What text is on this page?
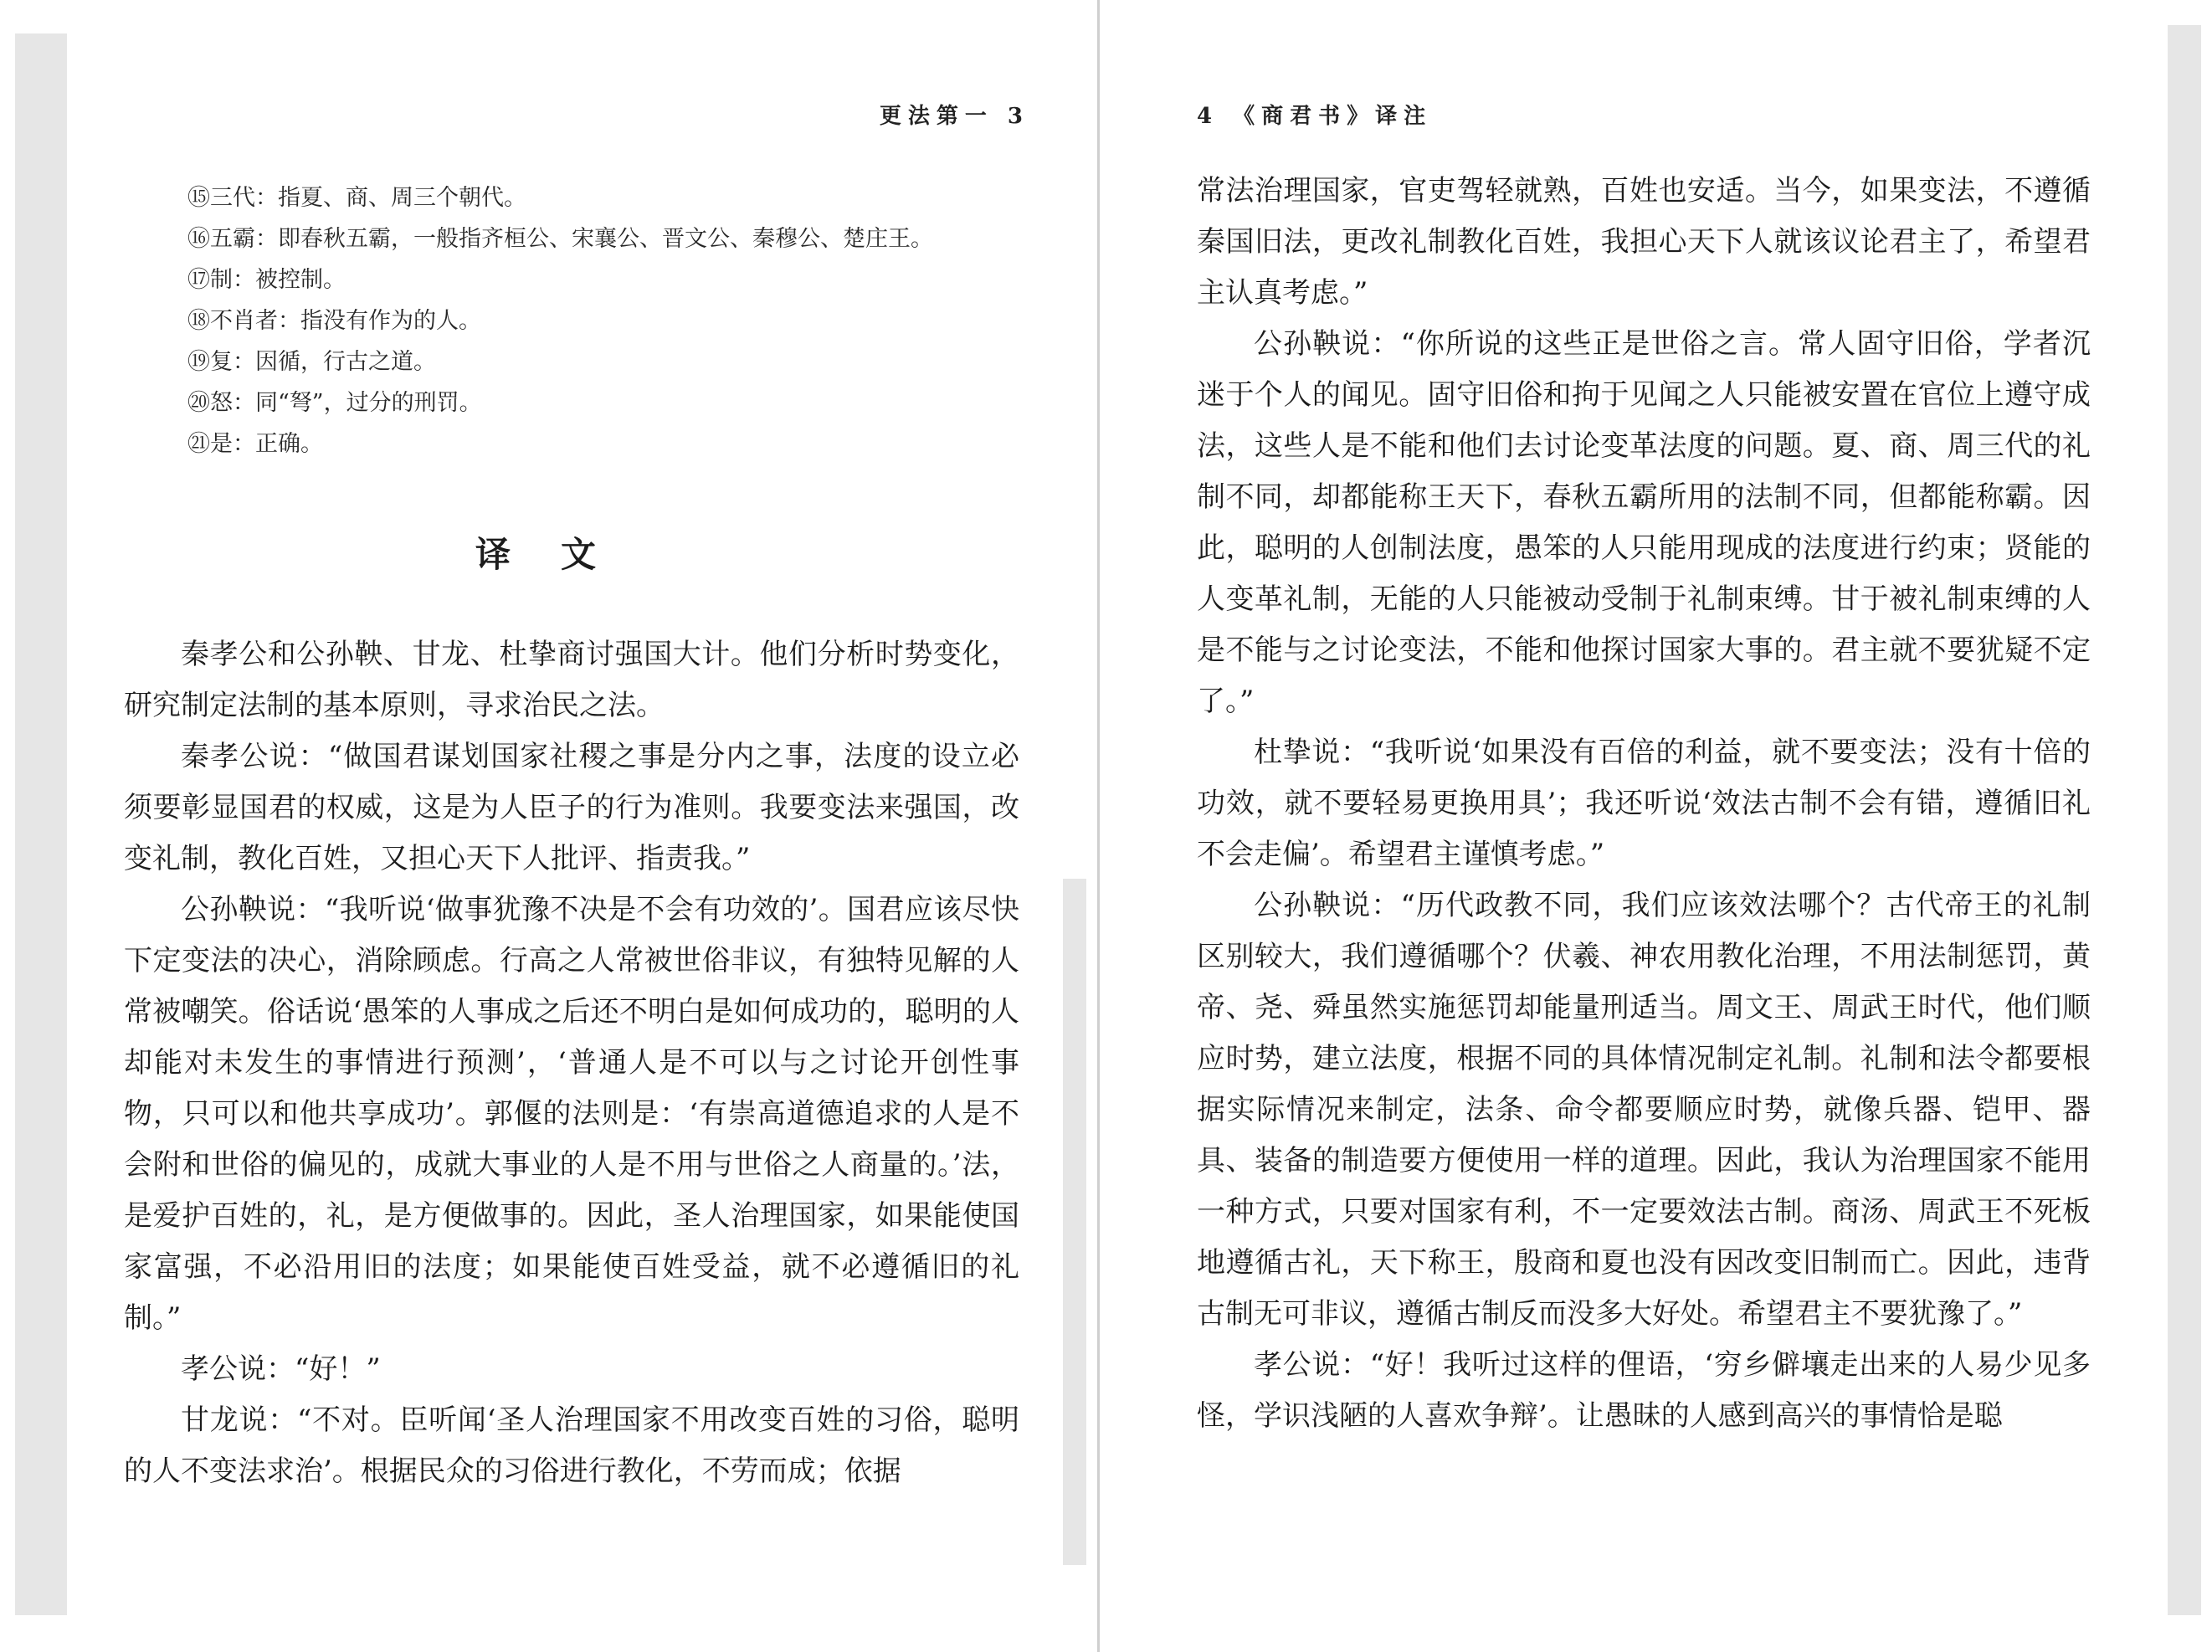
更法第一 3
⑮三代：指夏、商、周三个朝代。
⑯五霸：即春秋五霸，一般指齐桓公、宋襄公、晋文公、秦穆公、楚庄王。
⑰制：被控制。
⑱不肖者：指没有作为的人。
⑲复：因循，行古之道。
⑳怒：同“弩”，过分的刑罚。
㉑是：正确。
译文

秦孝公和公孙鞅、甘龙、杜挚商讨强国大计。他们分析时势变化，研究制定法制的基本原则，寻求治民之法。

秦孝公说：“做国君谋划国家社稷之事是分内之事，法度的设立必须要彰显国君的权威，这是为人臣子的行为准则。我要变法来强国，改变礼制，教化百姓，又担心天下人批评、指责我。”

公孙鞅说：“我听说‘做事犹豫不决是不会有功效的’。国君应该尽快下定变法的决心，消除顾虑。行高之人常被世俗非议，有独特见解的人常被嘲笑。俗话说‘愚笨的人事成之后还不明白是如何成功的，聪明的人却能对未发生的事情进行预测’，‘普通人是不可以与之讨论开创性事物，只可以和他共享成功’。郭偃的法则是：‘有崇高道德追求的人是不会附和世俗的偏见的，成就大事业的人是不用与世俗之人商量的。’法，是爱护百姓的，礼，是方便做事的。因此，圣人治理国家，如果能使国家富强，不必沿用旧的法度；如果能使百姓受益，就不必遵循旧的礼制。”

孝公说：“好！”

甘龙说：“不对。臣听闻‘圣人治理国家不用改变百姓的习俗，聪明的人不变法求治’。根据民众的习俗进行教化，不劳而成；依据

4 《商君书》译注

常法治理国家，官吏驾轻就熟，百姓也安适。当今，如果变法，不遵循秦国旧法，更改礼制教化百姓，我担心天下人就该议论君主了，希望君主认真考虑。”

公孙鞅说：“你所说的这些正是世俗之言。常人固守旧俗，学者沉迷于个人的闻见。固守旧俗和拘于见闻之人只能被安置在官位上遵守成法，这些人是不能和他们去讨论变革法度的问题。夏、商、周三代的礼制不同，却都能称王天下，春秋五霸所用的法制不同，但都能称霸。因此，聪明的人创制法度，愚笨的人只能用现成的法度进行约束；贤能的人变革礼制，无能的人只能被动受制于礼制束缚。甘于被礼制束缚的人是不能与之讨论变法，不能和他探讨国家大事的。君主就不要犹疑不定了。”

杜挚说：“我听说‘如果没有百倍的利益，就不要变法；没有十倍的功效，就不要轻易更换用具’；我还听说‘效法古制不会有错，遵循旧礼不会走偏’。希望君主谨慎考虑。”

公孙鞅说：“历代政教不同，我们应该效法哪个？古代帝王的礼制区别较大，我们遵循哪个？伏羲、神农用教化治理，不用法制惩罚，黄帝、尧、舜虽然实施惩罚却能量刑适当。周文王、周武王时代，他们顺应时势，建立法度，根据不同的具体情况制定礼制。礼制和法令都要根据实际情况来制定，法条、命令都要顺应时势，就像兵器、铠甲、器具、装备的制造要方便使用一样的道理。因此，我认为治理国家不能用一种方式，只要对国家有利，不一定要效法古制。商汤、周武王不死板地遵循古礼，天下称王，殷商和夏也没有因改变旧制而亡。因此，违背古制无可非议，遵循古制反而没多大好处。希望君主不要犹豫了。”

孝公说：“好！我听过这样的俚语，‘穷乡僻壤走出来的人易少见多怪，学识浅陋的人喜欢争辩’。让愚昧的人感到高兴的事情恰是聪
